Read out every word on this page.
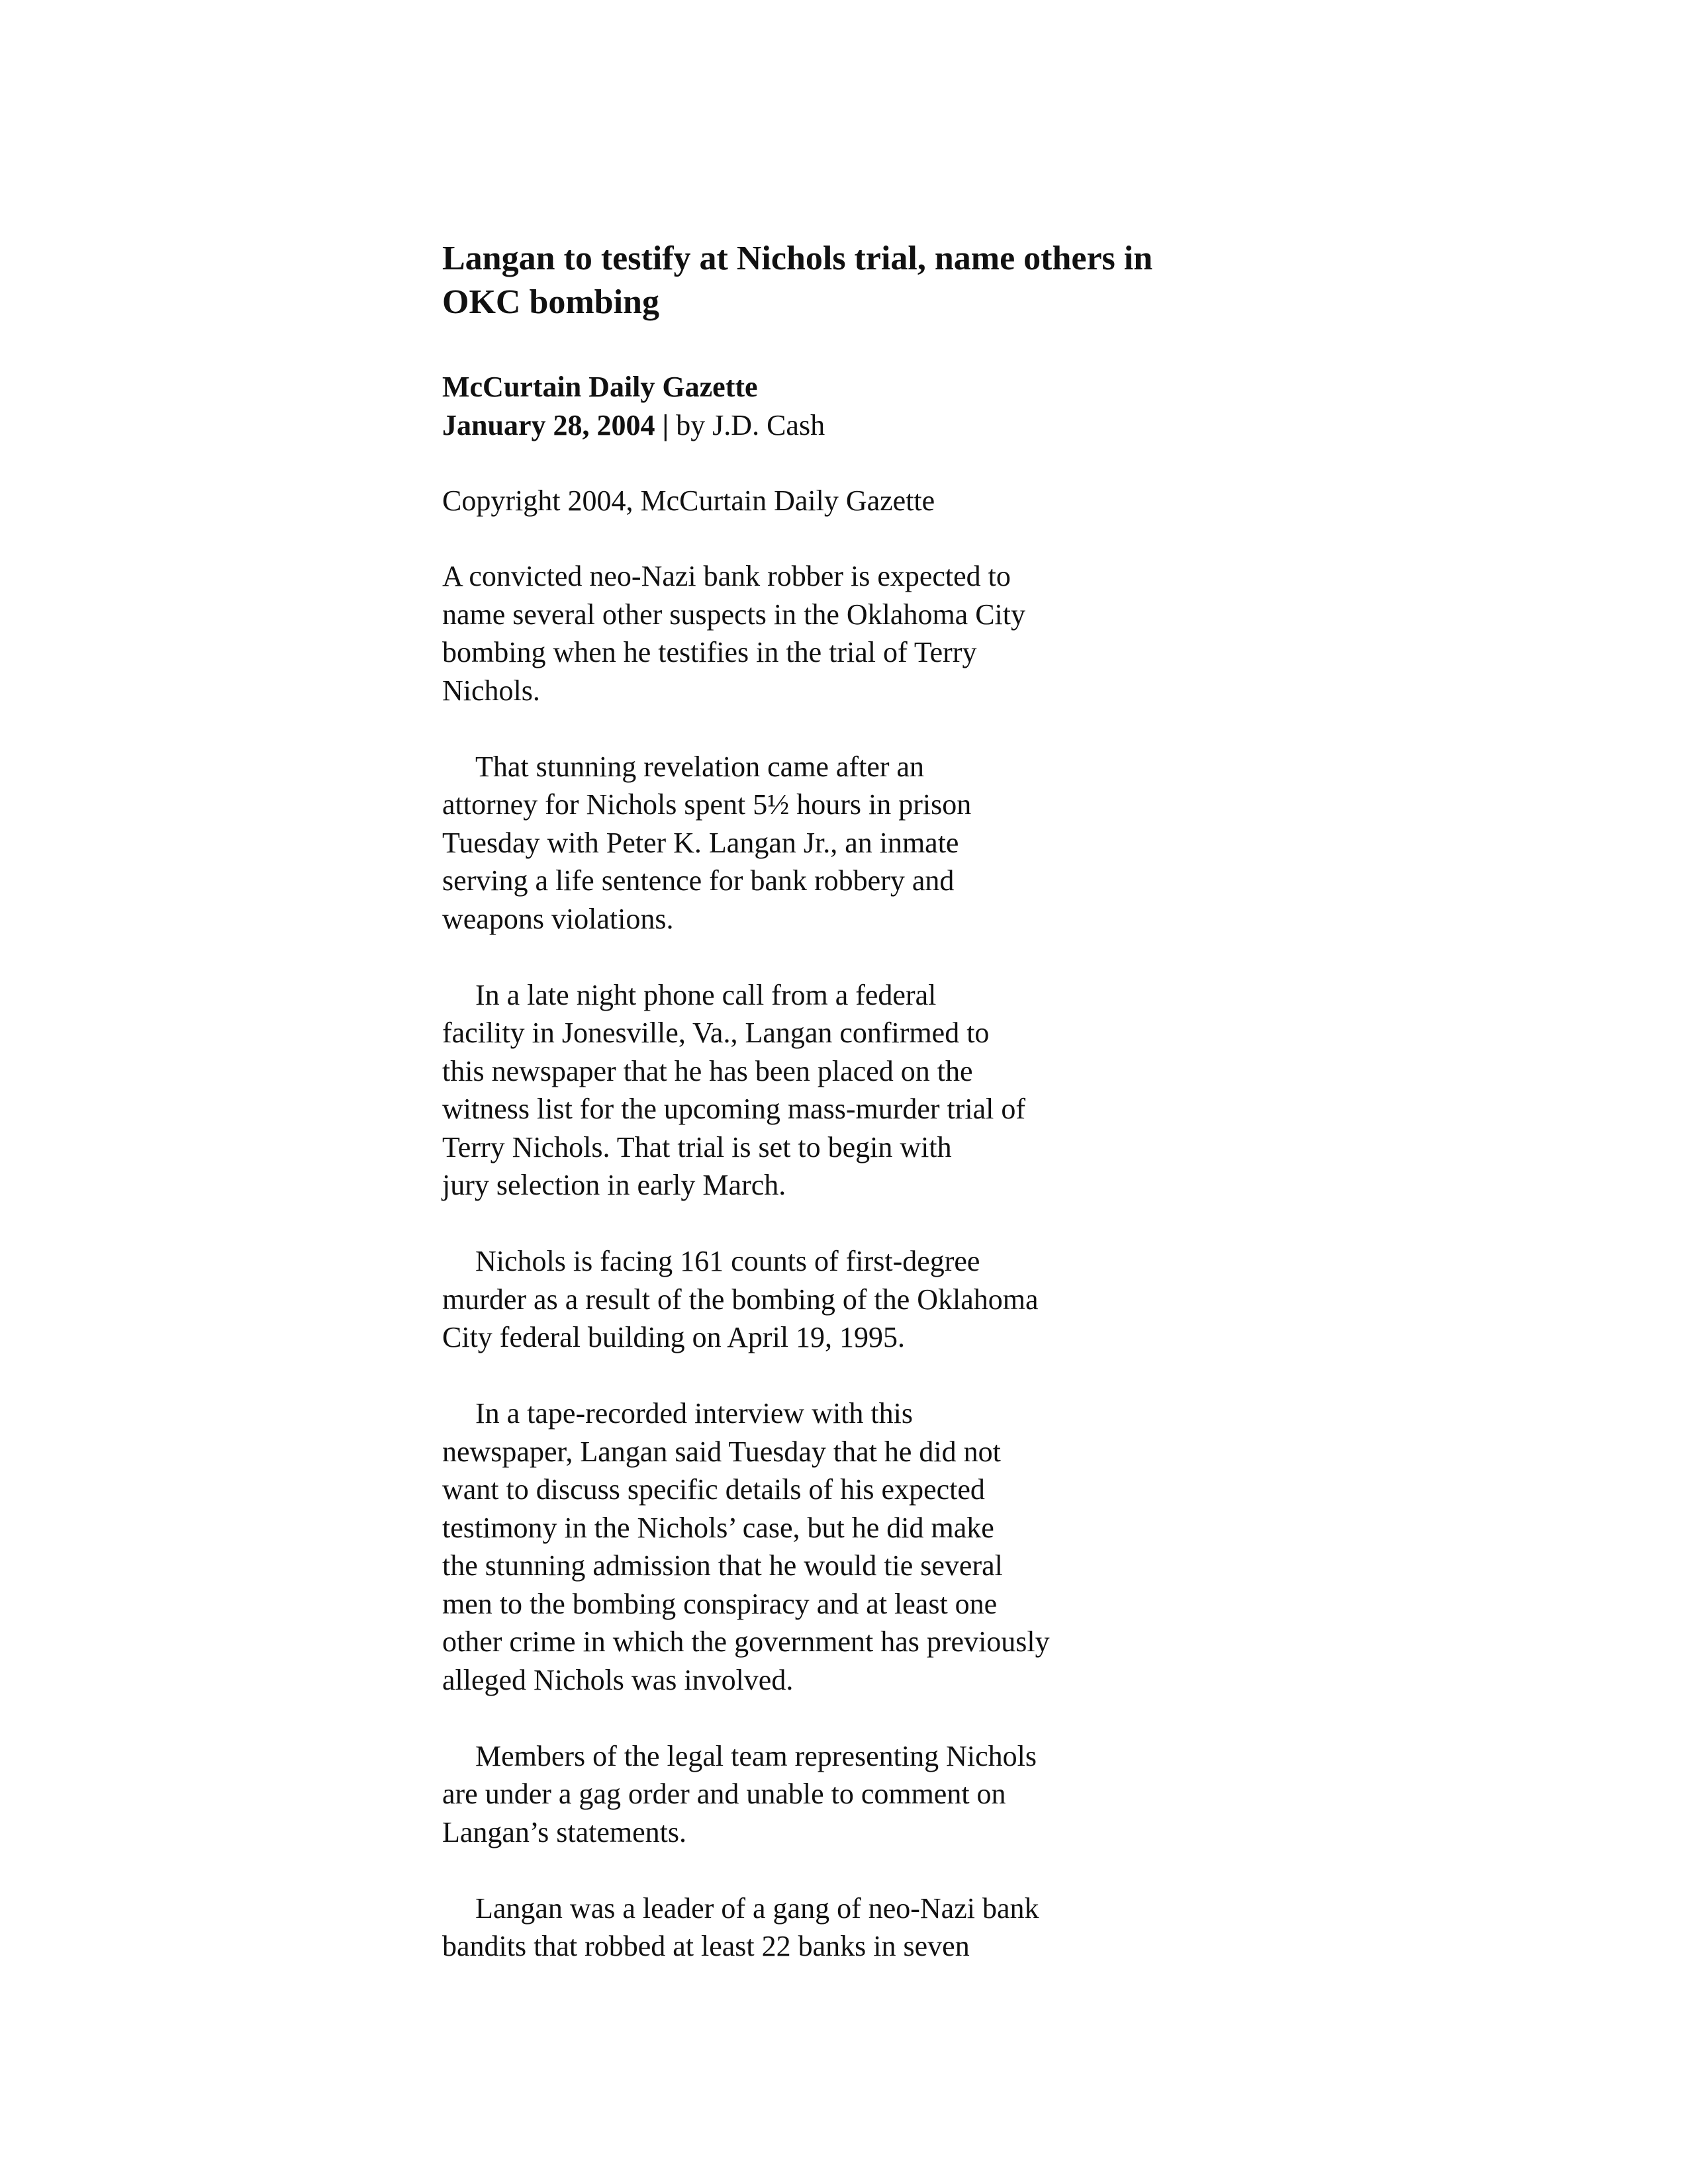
Langan to testify at Nichols trial, name others in
OKC bombing
McCurtain Daily Gazette
January 28, 2004 | by J.D. Cash
Copyright 2004, McCurtain Daily Gazette
A convicted neo-Nazi bank robber is expected to
name several other suspects in the Oklahoma City
bombing when he testifies in the trial of Terry
Nichols.
That stunning revelation came after an
attorney for Nichols spent 5½ hours in prison
Tuesday with Peter K. Langan Jr., an inmate
serving a life sentence for bank robbery and
weapons violations.
In a late night phone call from a federal
facility in Jonesville, Va., Langan confirmed to
this newspaper that he has been placed on the
witness list for the upcoming mass-murder trial of
Terry Nichols. That trial is set to begin with
jury selection in early March.
Nichols is facing 161 counts of first-degree
murder as a result of the bombing of the Oklahoma
City federal building on April 19, 1995.
In a tape-recorded interview with this
newspaper, Langan said Tuesday that he did not
want to discuss specific details of his expected
testimony in the Nichols’ case, but he did make
the stunning admission that he would tie several
men to the bombing conspiracy and at least one
other crime in which the government has previously
alleged Nichols was involved.
Members of the legal team representing Nichols
are under a gag order and unable to comment on
Langan’s statements.
Langan was a leader of a gang of neo-Nazi bank
bandits that robbed at least 22 banks in seven
